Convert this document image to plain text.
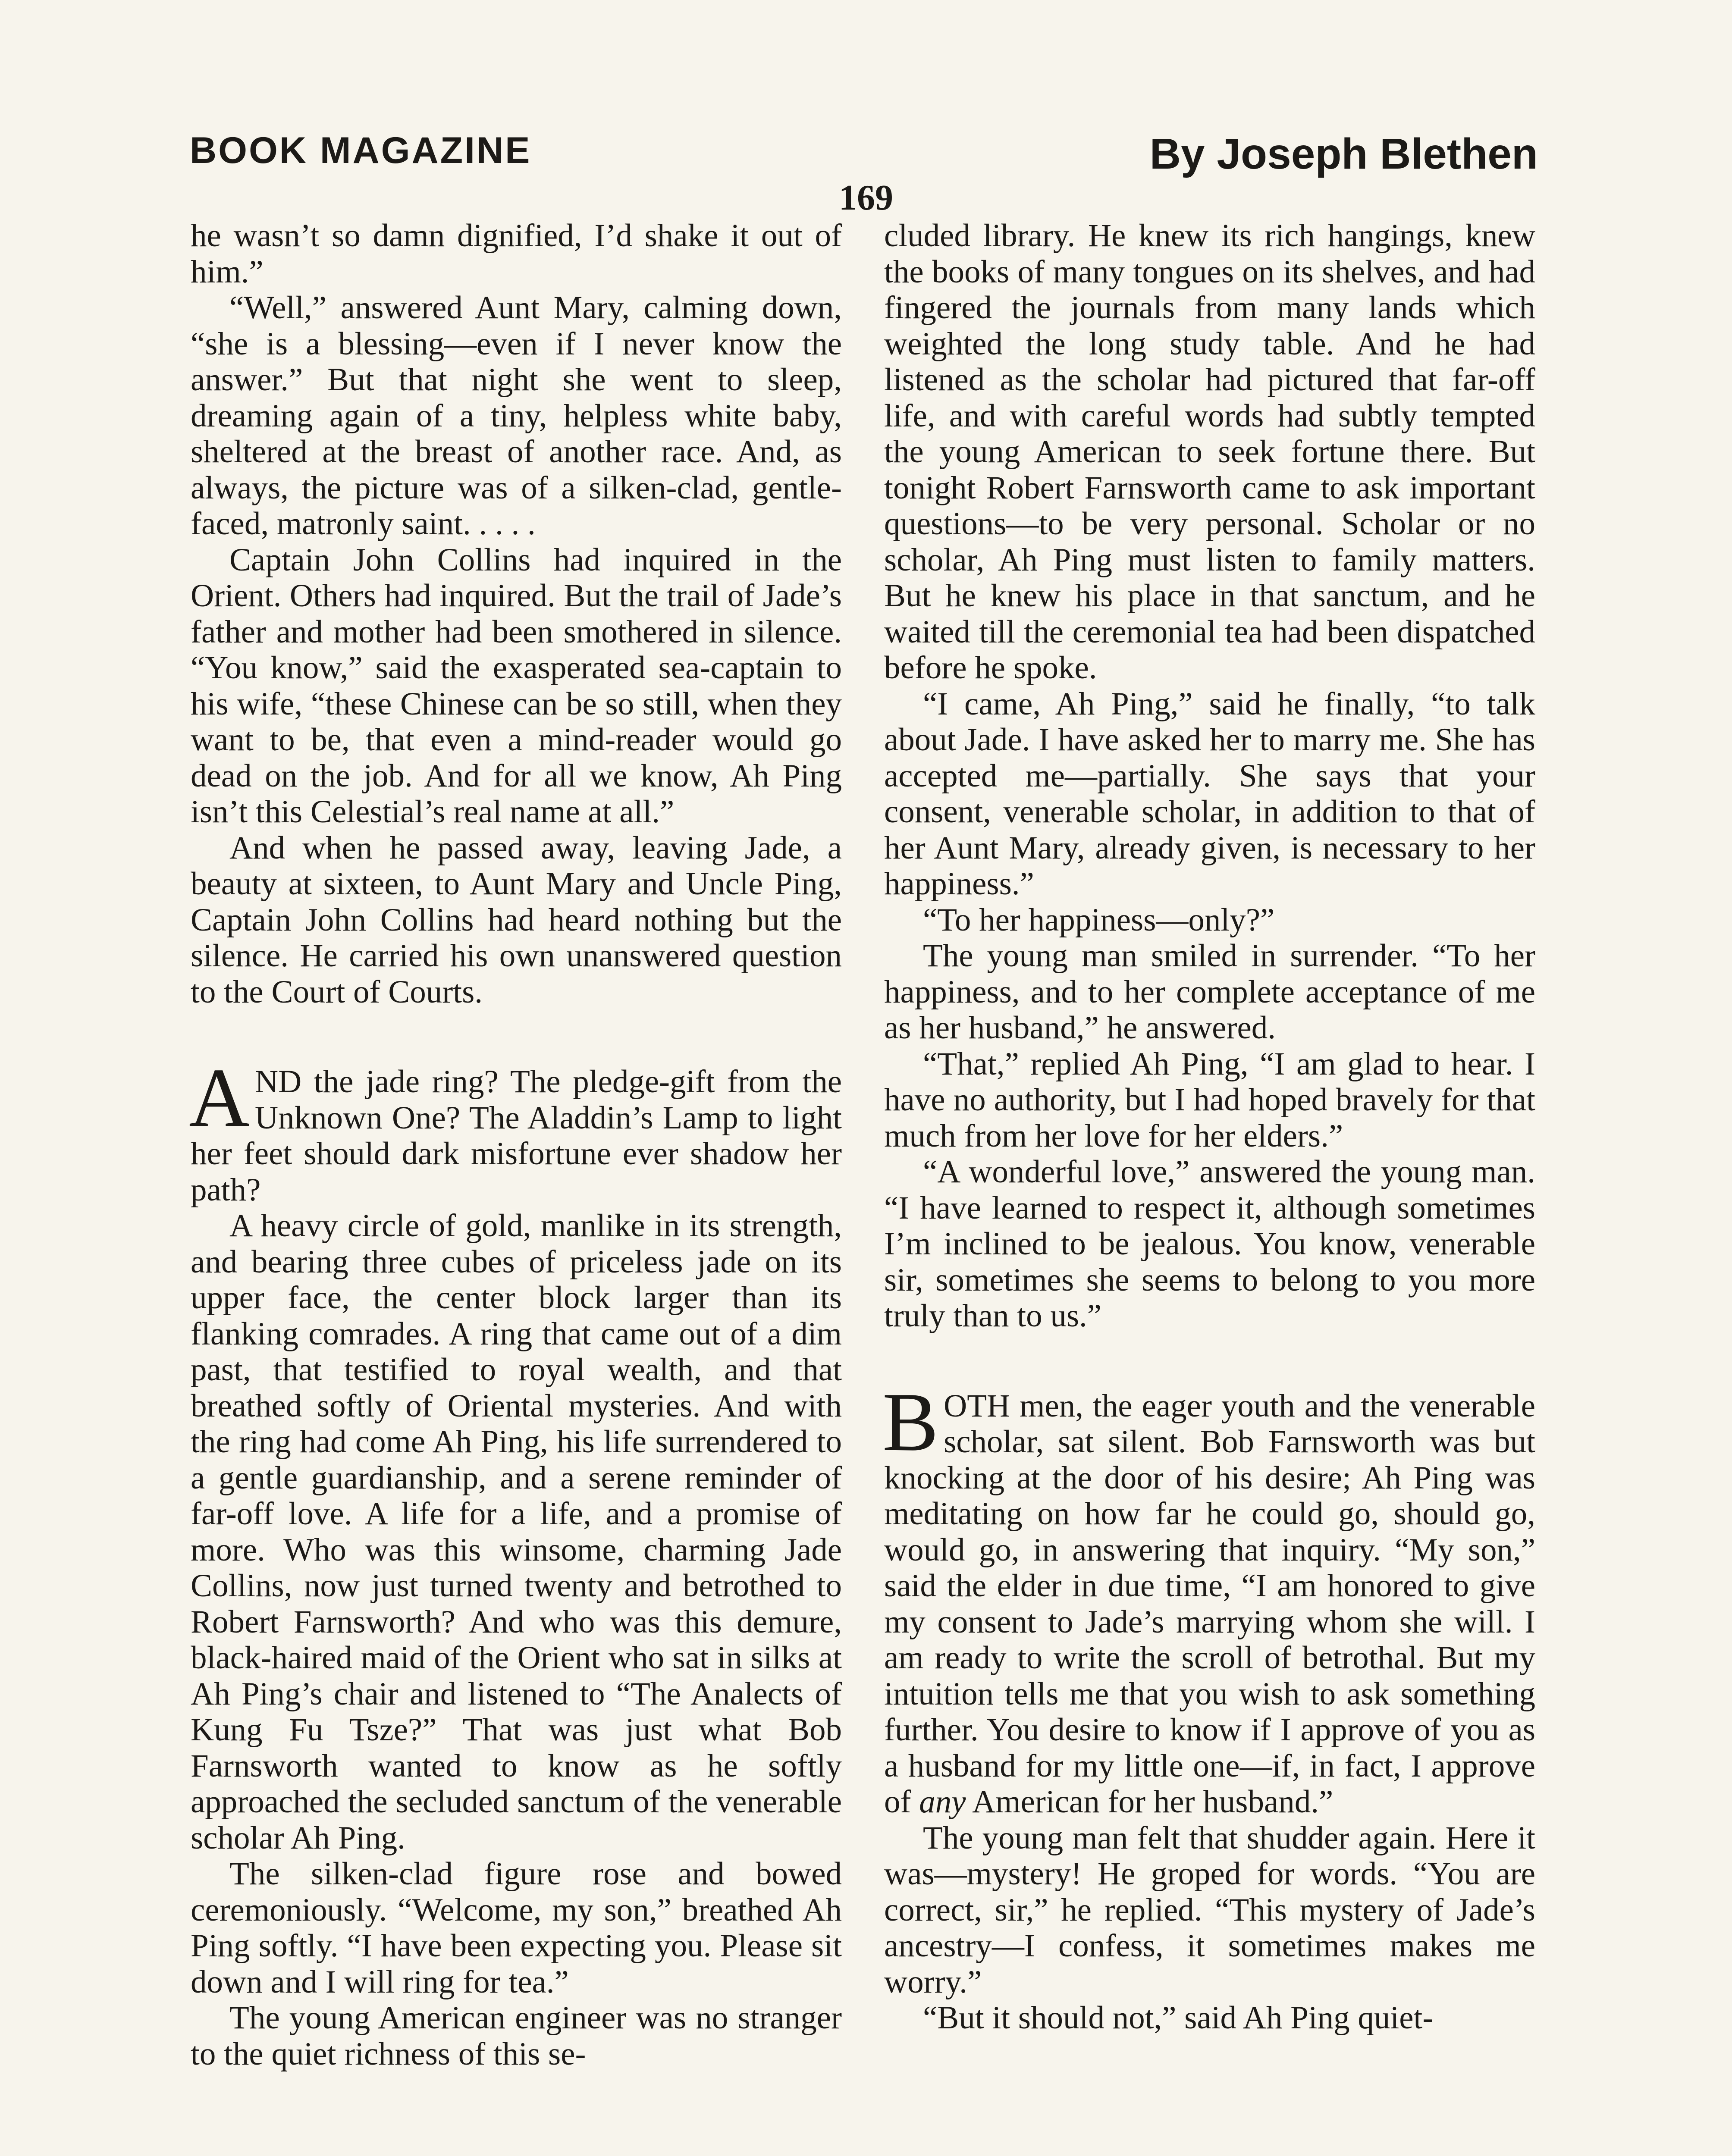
BOOK MAGAZINE	By Joseph Blethen
169

he wasn’t so damn dignified, I’d shake it out of him.”

“Well,” answered Aunt Mary, calming down, “she is a blessing—even if I never know the answer.” But that night she went to sleep, dreaming again of a tiny, helpless white baby, sheltered at the breast of another race. And, as always, the picture was of a silken-clad, gentle-faced, matronly saint. . . . .

Captain John Collins had inquired in the Orient. Others had inquired. But the trail of Jade’s father and mother had been smothered in silence. “You know,” said the exasperated sea-captain to his wife, “these Chinese can be so still, when they want to be, that even a mind-reader would go dead on the job. And for all we know, Ah Ping isn’t this Celestial’s real name at all.”

And when he passed away, leaving Jade, a beauty at sixteen, to Aunt Mary and Uncle Ping, Captain John Collins had heard nothing but the silence. He carried his own unanswered question to the Court of Courts.

AND the jade ring? The pledge-gift from the Unknown One? The Aladdin’s Lamp to light her feet should dark misfortune ever shadow her path?

A heavy circle of gold, manlike in its strength, and bearing three cubes of priceless jade on its upper face, the center block larger than its flanking comrades. A ring that came out of a dim past, that testified to royal wealth, and that breathed softly of Oriental mysteries. And with the ring had come Ah Ping, his life surrendered to a gentle guardianship, and a serene reminder of far-off love. A life for a life, and a promise of more. Who was this winsome, charming Jade Collins, now just turned twenty and betrothed to Robert Farnsworth? And who was this demure, black-haired maid of the Orient who sat in silks at Ah Ping’s chair and listened to “The Analects of Kung Fu Tsze?” That was just what Bob Farnsworth wanted to know as he softly approached the secluded sanctum of the venerable scholar Ah Ping.

The silken-clad figure rose and bowed ceremoniously. “Welcome, my son,” breathed Ah Ping softly. “I have been expecting you. Please sit down and I will ring for tea.”

The young American engineer was no stranger to the quiet richness of this se-

cluded library. He knew its rich hangings, knew the books of many tongues on its shelves, and had fingered the journals from many lands which weighted the long study table. And he had listened as the scholar had pictured that far-off life, and with careful words had subtly tempted the young American to seek fortune there. But tonight Robert Farnsworth came to ask important questions—to be very personal. Scholar or no scholar, Ah Ping must listen to family matters. But he knew his place in that sanctum, and he waited till the ceremonial tea had been dispatched before he spoke.

“I came, Ah Ping,” said he finally, “to talk about Jade. I have asked her to marry me. She has accepted me—partially. She says that your consent, venerable scholar, in addition to that of her Aunt Mary, already given, is necessary to her happiness.”

“To her happiness—only?”

The young man smiled in surrender. “To her happiness, and to her complete acceptance of me as her husband,” he answered.

“That,” replied Ah Ping, “I am glad to hear. I have no authority, but I had hoped bravely for that much from her love for her elders.”

“A wonderful love,” answered the young man. “I have learned to respect it, although sometimes I’m inclined to be jealous. You know, venerable sir, sometimes she seems to belong to you more truly than to us.”

BOTH men, the eager youth and the venerable scholar, sat silent. Bob Farnsworth was but knocking at the door of his desire; Ah Ping was meditating on how far he could go, should go, would go, in answering that inquiry. “My son,” said the elder in due time, “I am honored to give my consent to Jade’s marrying whom she will. I am ready to write the scroll of betrothal. But my intuition tells me that you wish to ask something further. You desire to know if I approve of you as a husband for my little one—if, in fact, I approve of any American for her husband.”

The young man felt that shudder again. Here it was—mystery! He groped for words. “You are correct, sir,” he replied. “This mystery of Jade’s ancestry—I confess, it sometimes makes me worry.”

“But it should not,” said Ah Ping quiet-
